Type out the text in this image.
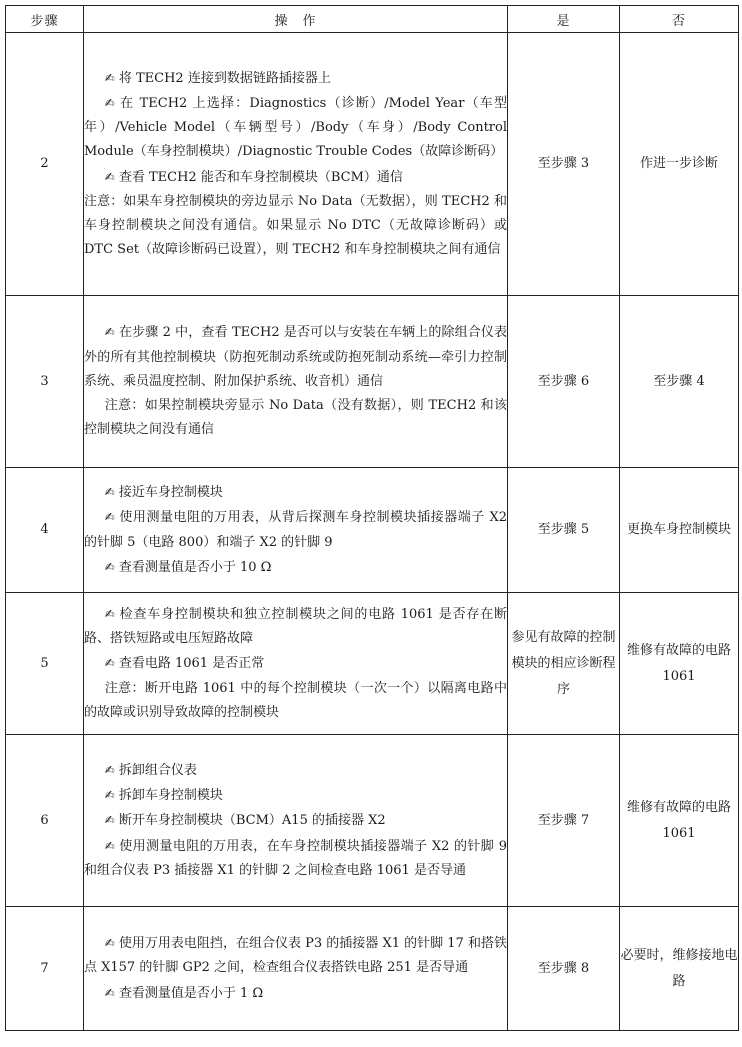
步骤	操　作	是	否
2	✍ 将 TECH2 连接到数据链路插接器上
✍ 在 TECH2 上选择：Diagnostics（诊断）/Model Year（车型年）/Vehicle Model（车辆型号）/Body（车身）/Body Control Module（车身控制模块）/Diagnostic Trouble Codes（故障诊断码）
✍ 查看 TECH2 能否和车身控制模块（BCM）通信
注意：如果车身控制模块的旁边显示 No Data（无数据），则 TECH2 和车身控制模块之间没有通信。如果显示 No DTC（无故障诊断码）或 DTC Set（故障诊断码已设置），则 TECH2 和车身控制模块之间有通信	至步骤 3	作进一步诊断
3	✍ 在步骤 2 中，查看 TECH2 是否可以与安装在车辆上的除组合仪表外的所有其他控制模块（防抱死制动系统或防抱死制动系统—牵引力控制系统、乘员温度控制、附加保护系统、收音机）通信
注意：如果控制模块旁显示 No Data（没有数据），则 TECH2 和该控制模块之间没有通信	至步骤 6	至步骤 4
4	✍ 接近车身控制模块
✍ 使用测量电阻的万用表，从背后探测车身控制模块插接器端子 X2 的针脚 5（电路 800）和端子 X2 的针脚 9
✍ 查看测量值是否小于 10 Ω	至步骤 5	更换车身控制模块
5	✍ 检查车身控制模块和独立控制模块之间的电路 1061 是否存在断路、搭铁短路或电压短路故障
✍ 查看电路 1061 是否正常
注意：断开电路 1061 中的每个控制模块（一次一个）以隔离电路中的故障或识别导致故障的控制模块	参见有故障的控制模块的相应诊断程序	维修有故障的电路 1061
6	✍ 拆卸组合仪表
✍ 拆卸车身控制模块
✍ 断开车身控制模块（BCM）A15 的插接器 X2
✍ 使用测量电阻的万用表，在车身控制模块插接器端子 X2 的针脚 9 和组合仪表 P3 插接器 X1 的针脚 2 之间检查电路 1061 是否导通	至步骤 7	维修有故障的电路 1061
7	✍ 使用万用表电阻挡，在组合仪表 P3 的插接器 X1 的针脚 17 和搭铁点 X157 的针脚 GP2 之间，检查组合仪表搭铁电路 251 是否导通
✍ 查看测量值是否小于 1 Ω	至步骤 8	必要时，维修接地电路
